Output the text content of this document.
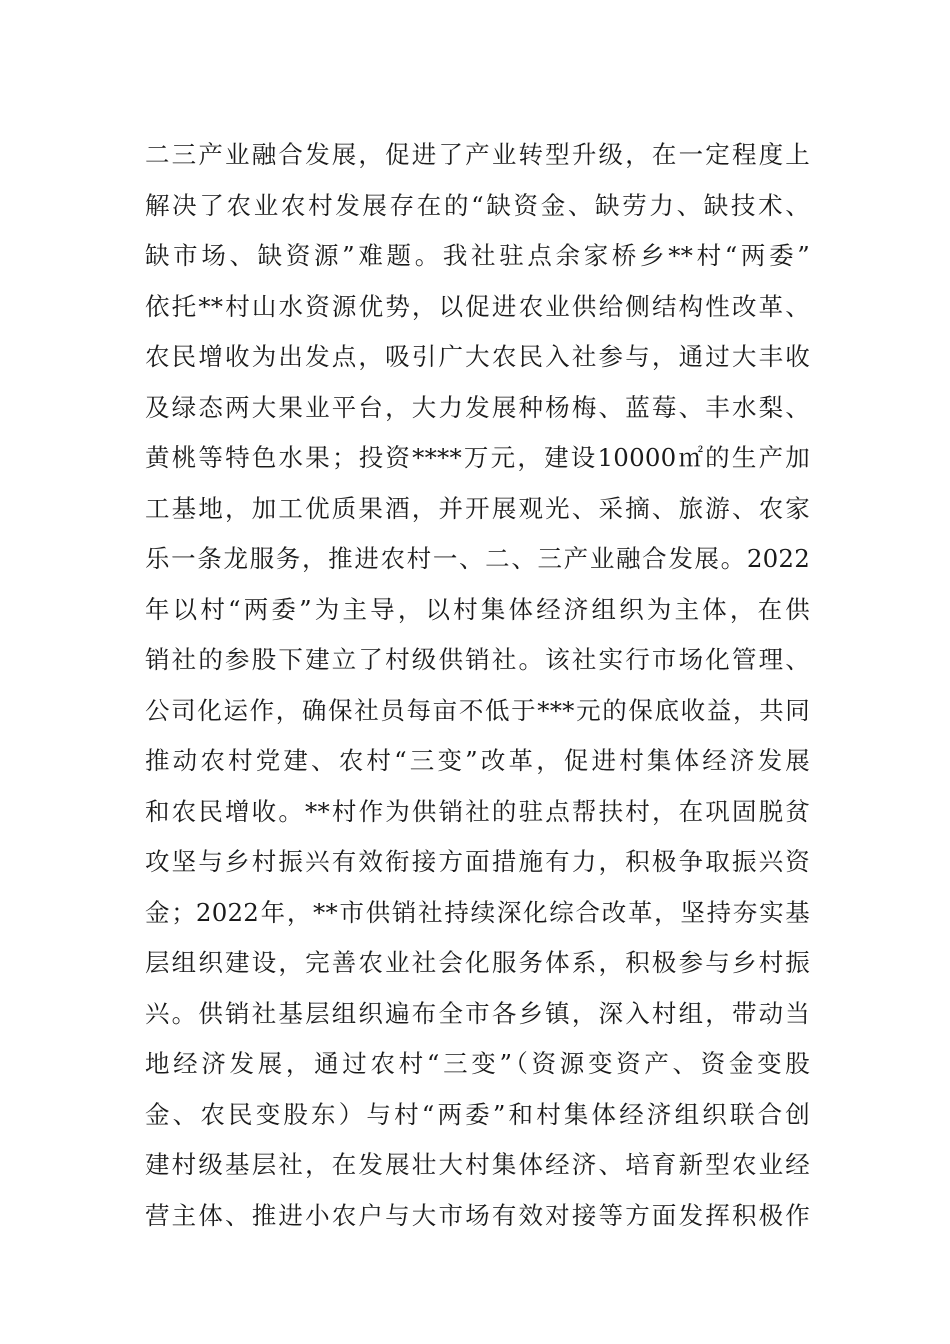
二三产业融合发展，促进了产业转型升级，在一定程度上
解决了农业农村发展存在的“缺资金、缺劳力、缺技术、
缺市场、缺资源”难题。我社驻点余家桥乡**村“两委”
依托**村山水资源优势，以促进农业供给侧结构性改革、
农民增收为出发点，吸引广大农民入社参与，通过大丰收
及绿态两大果业平台，大力发展种杨梅、蓝莓、丰水梨、
黄桃等特色水果；投资****万元，建设10000㎡的生产加
工基地，加工优质果酒，并开展观光、采摘、旅游、农家
乐一条龙服务，推进农村一、二、三产业融合发展。2022
年以村“两委”为主导，以村集体经济组织为主体，在供
销社的参股下建立了村级供销社。该社实行市场化管理、
公司化运作，确保社员每亩不低于***元的保底收益，共同
推动农村党建、农村“三变”改革，促进村集体经济发展
和农民增收。**村作为供销社的驻点帮扶村，在巩固脱贫
攻坚与乡村振兴有效衔接方面措施有力，积极争取振兴资
金；2022年，**市供销社持续深化综合改革，坚持夯实基
层组织建设，完善农业社会化服务体系，积极参与乡村振
兴。供销社基层组织遍布全市各乡镇，深入村组，带动当
地经济发展，通过农村“三变”（资源变资产、资金变股
金、农民变股东）与村“两委”和村集体经济组织联合创
建村级基层社，在发展壮大村集体经济、培育新型农业经
营主体、推进小农户与大市场有效对接等方面发挥积极作
